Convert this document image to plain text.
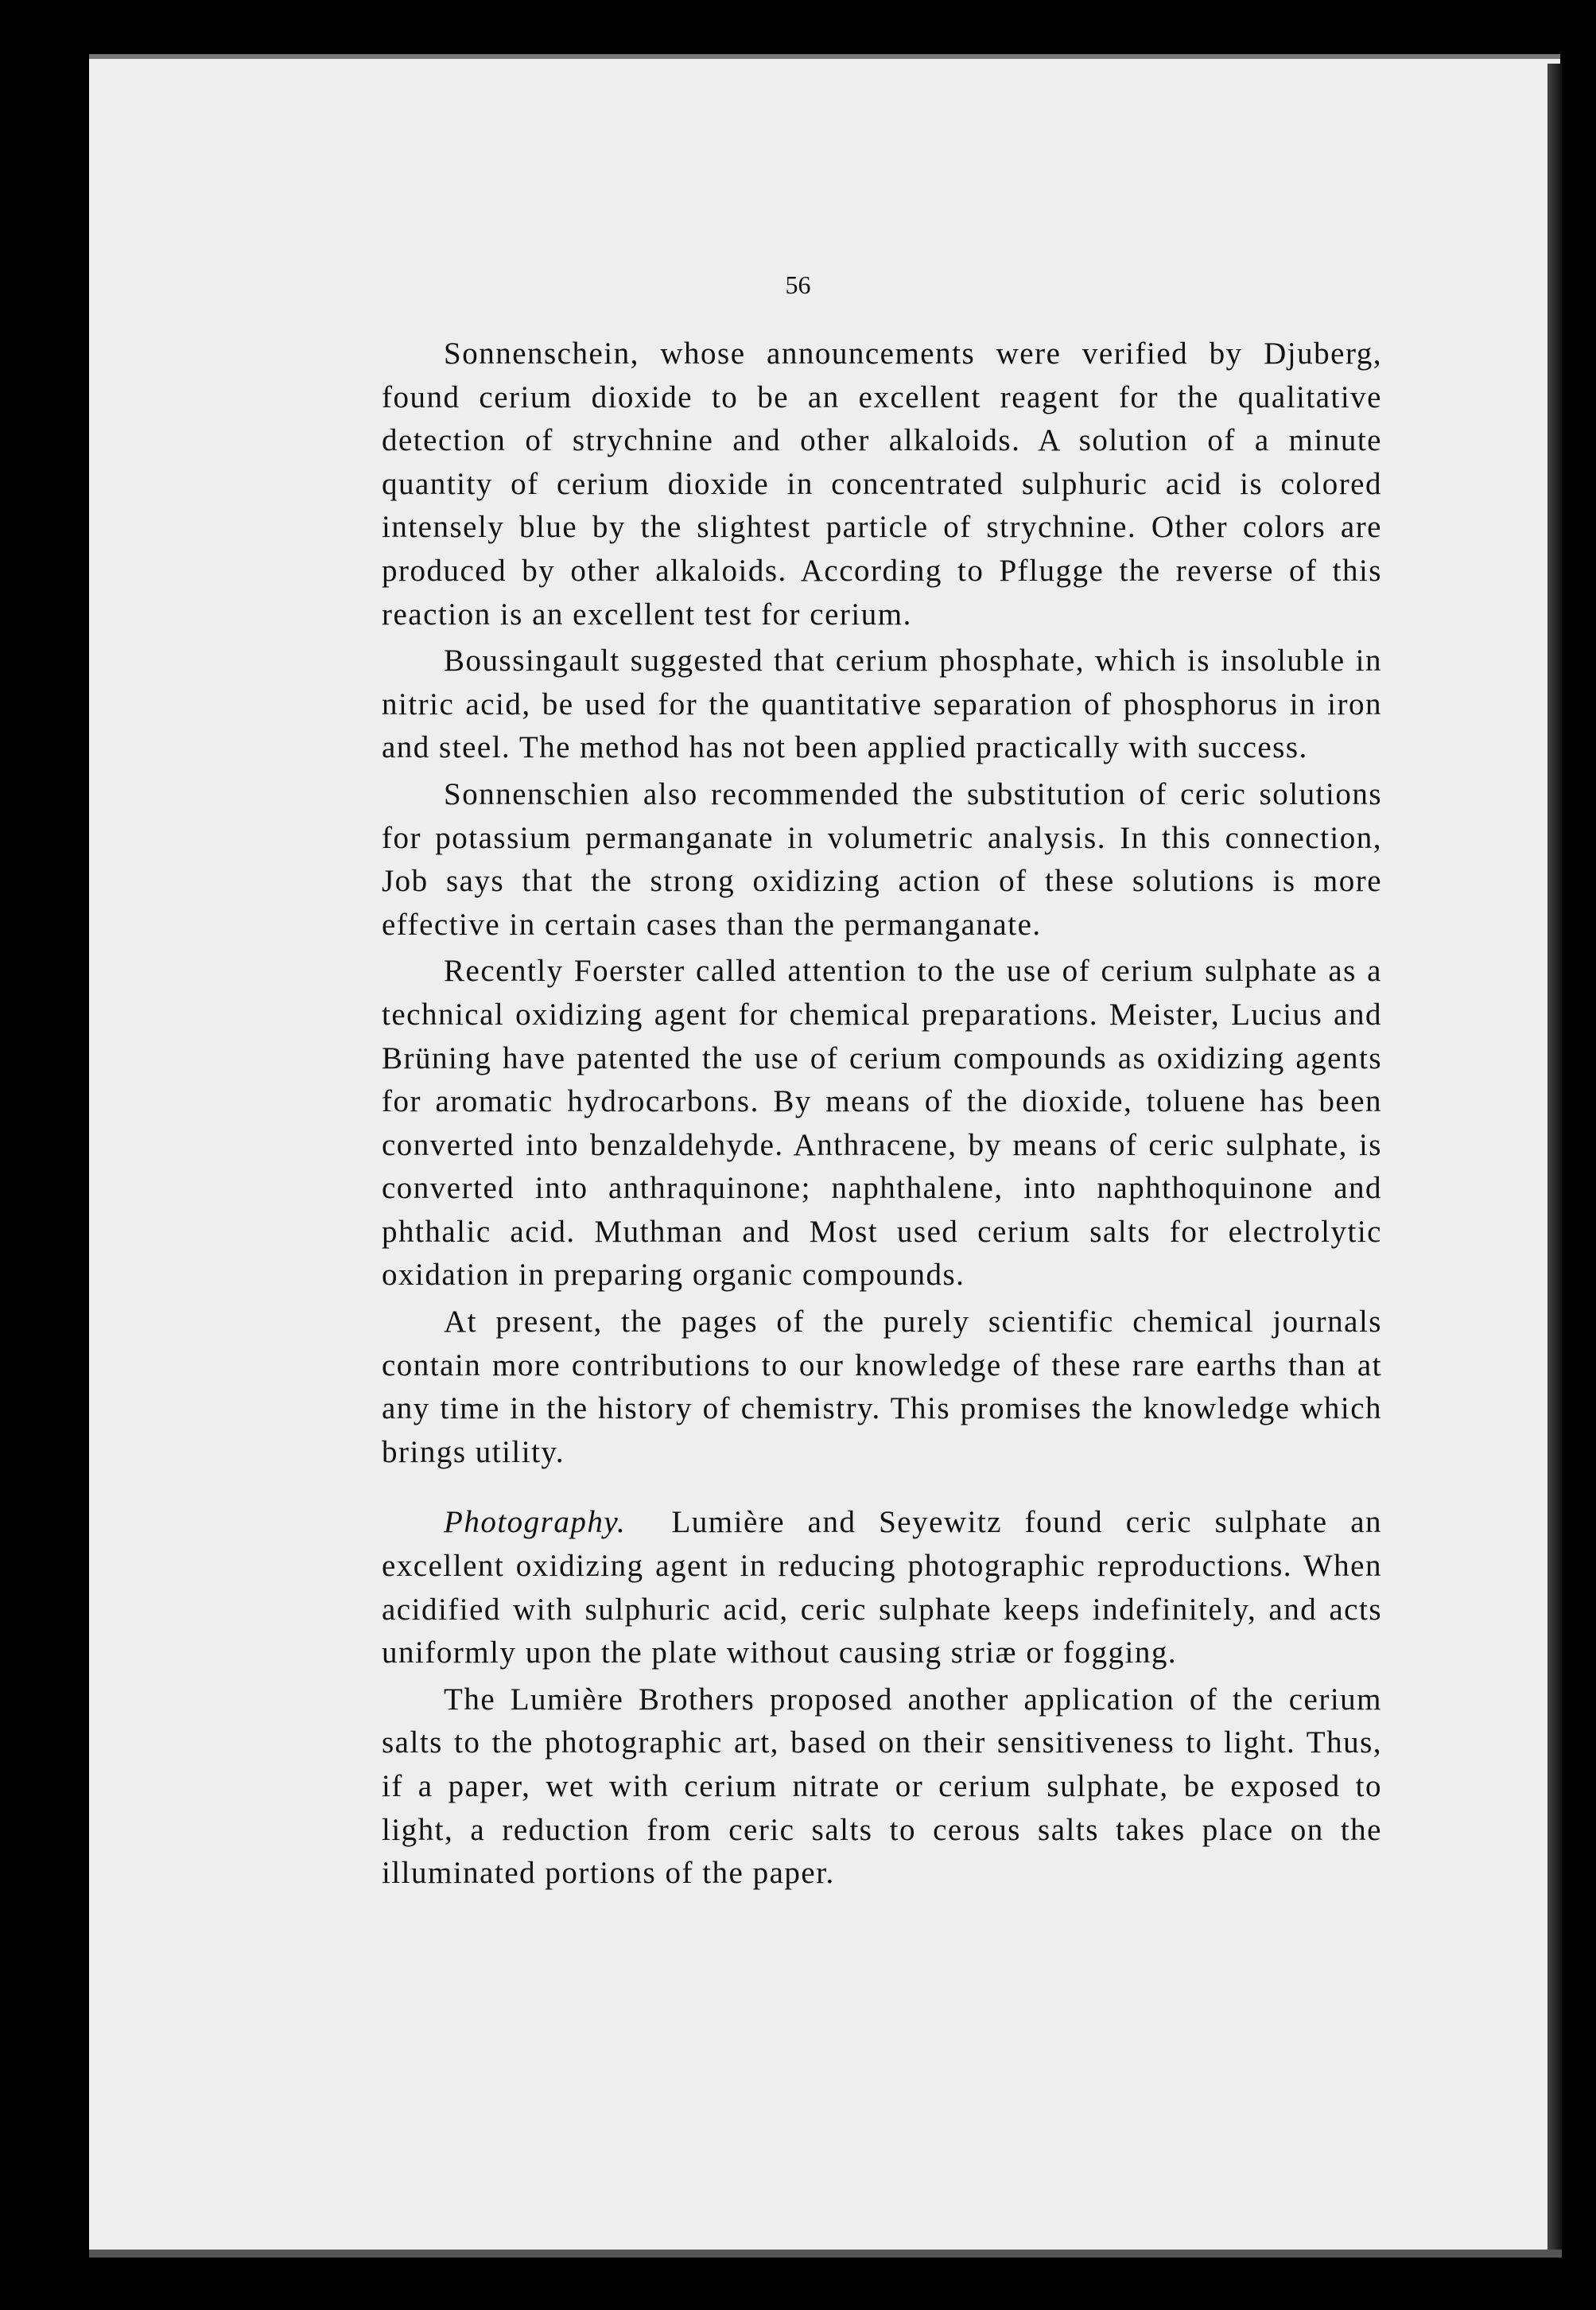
56

Sonnenschein, whose announcements were verified by Djuberg, found cerium dioxide to be an excellent reagent for the qualitative detection of strychnine and other alkaloids. A solution of a minute quantity of cerium dioxide in concentrated sulphuric acid is colored intensely blue by the slightest particle of strychnine. Other colors are produced by other alkaloids. According to Pflugge the reverse of this reaction is an excellent test for cerium.

Boussingault suggested that cerium phosphate, which is insoluble in nitric acid, be used for the quantitative separation of phosphorus in iron and steel. The method has not been applied practically with success.

Sonnenschien also recommended the substitution of ceric solutions for potassium permanganate in volumetric analysis. In this connection, Job says that the strong oxidizing action of these solutions is more effective in certain cases than the permanganate.

Recently Foerster called attention to the use of cerium sulphate as a technical oxidizing agent for chemical preparations. Meister, Lucius and Brüning have patented the use of cerium compounds as oxidizing agents for aromatic hydrocarbons. By means of the dioxide, toluene has been converted into benzaldehyde. Anthracene, by means of ceric sulphate, is converted into anthraquinone; naphthalene, into naphthoquinone and phthalic acid. Muthman and Most used cerium salts for electrolytic oxidation in preparing organic compounds.

At present, the pages of the purely scientific chemical journals contain more contributions to our knowledge of these rare earths than at any time in the history of chemistry. This promises the knowledge which brings utility.

Photography. Lumière and Seyewitz found ceric sulphate an excellent oxidizing agent in reducing photographic reproductions. When acidified with sulphuric acid, ceric sulphate keeps indefinitely, and acts uniformly upon the plate without causing striæ or fogging.

The Lumière Brothers proposed another application of the cerium salts to the photographic art, based on their sensitiveness to light. Thus, if a paper, wet with cerium nitrate or cerium sulphate, be exposed to light, a reduction from ceric salts to cerous salts takes place on the illuminated portions of the paper.
